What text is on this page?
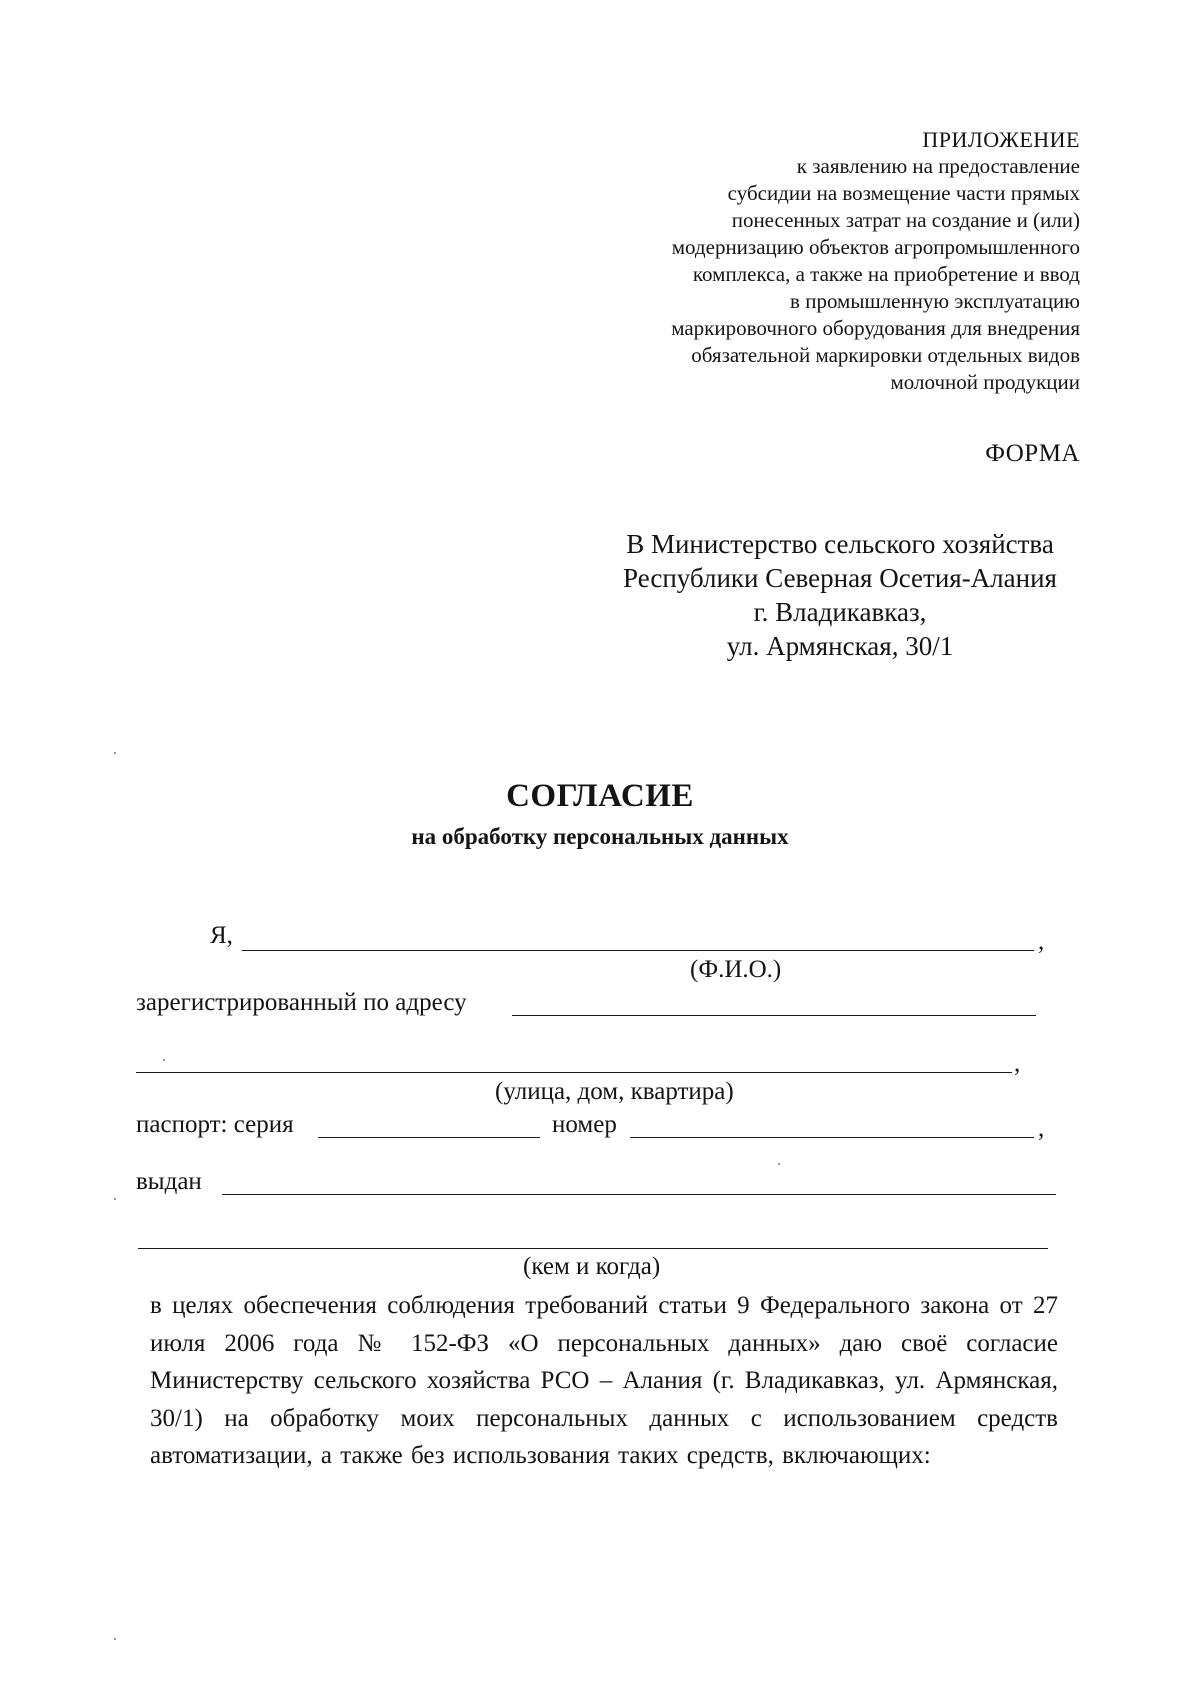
ПРИЛОЖЕНИЕ
к заявлению на предоставление
субсидии на возмещение части прямых
понесенных затрат на создание и (или)
модернизацию объектов агропромышленного
комплекса, а также на приобретение и ввод
в промышленную эксплуатацию
маркировочного оборудования для внедрения
обязательной маркировки отдельных видов
молочной продукции
ФОРМА
В Министерство сельского хозяйства
Республики Северная Осетия-Алания
г. Владикавказ,
ул. Армянская, 30/1
СОГЛАСИЕ
на обработку персональных данных
Я,	,
(Ф.И.О.)
зарегистрированный по адресу
,
(улица, дом, квартира)
паспорт: серия	номер	,
выдан
(кем и когда)
в целях обеспечения соблюдения требований статьи 9 Федерального закона от 27 июля 2006 года № 152-ФЗ «О персональных данных» даю своё согласие Министерству сельского хозяйства РСО – Алания (г. Владикавказ, ул. Армянская, 30/1) на обработку моих персональных данных с использованием средств автоматизации, а также без использования таких средств, включающих:
